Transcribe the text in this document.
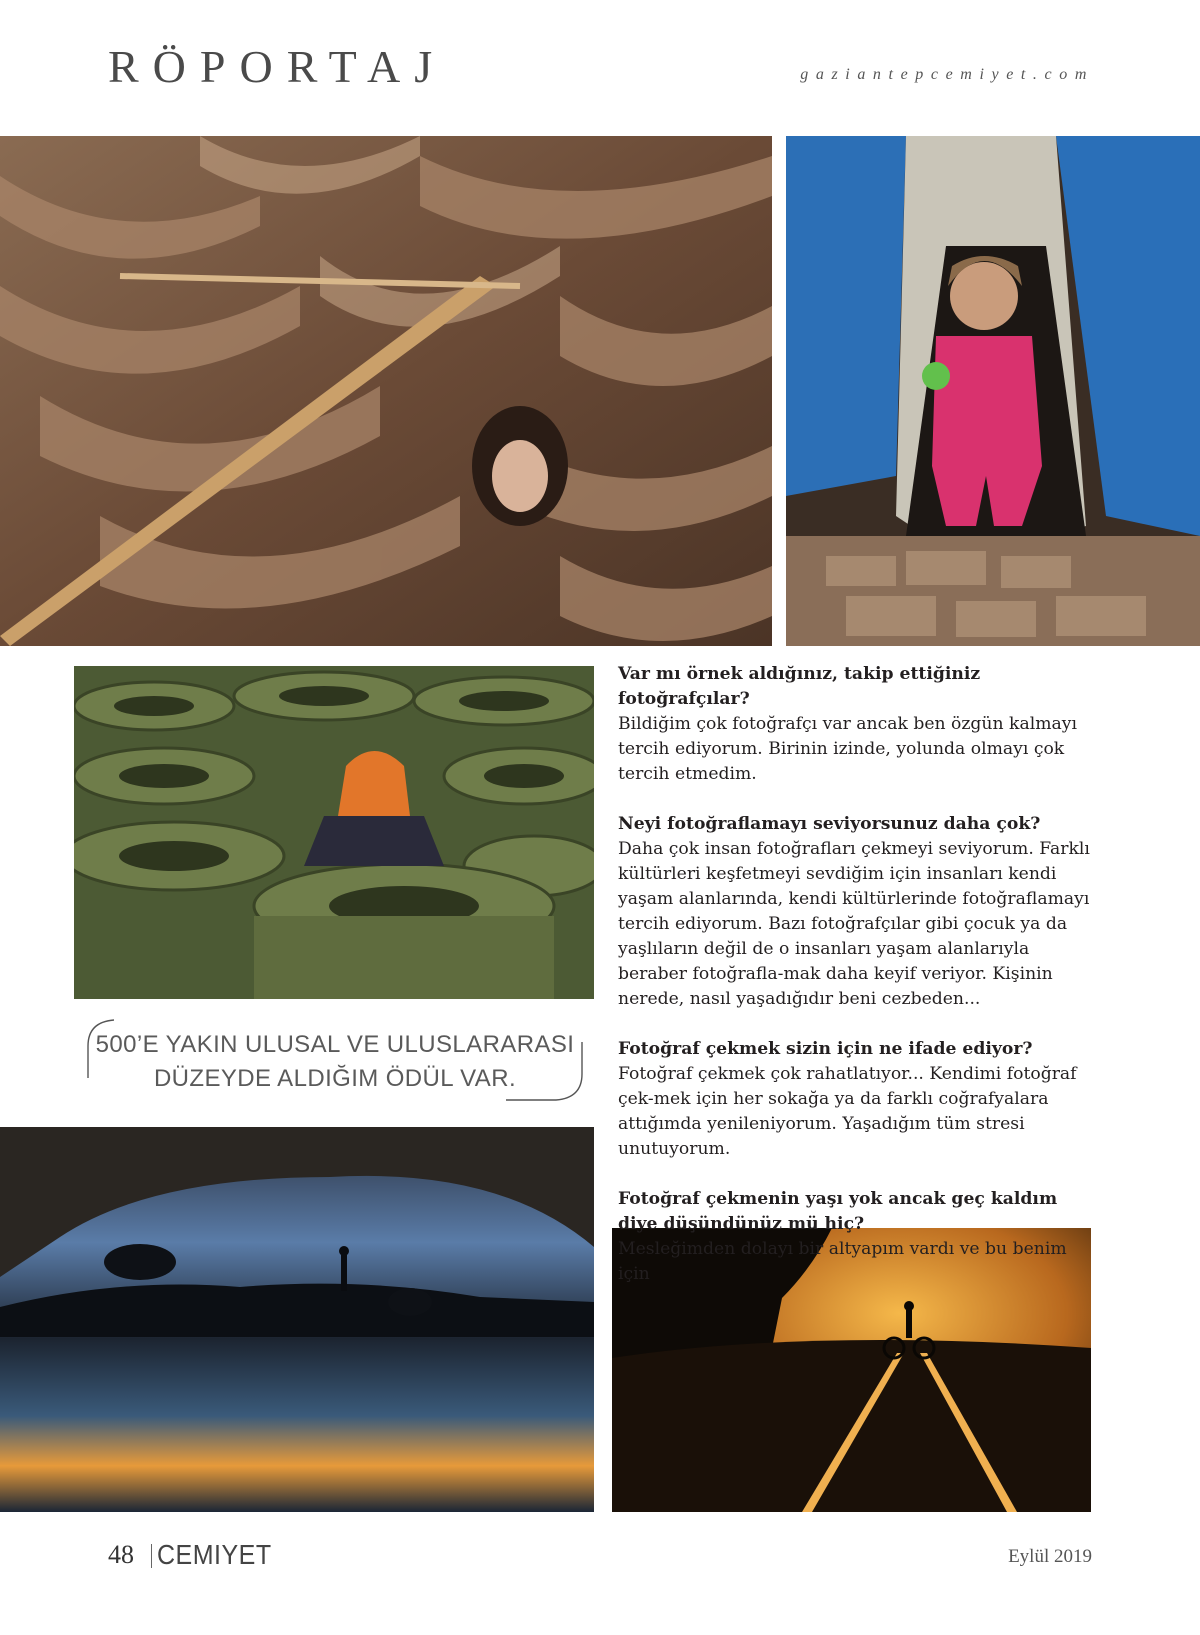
RÖPORTAJ	gaziantepcemiyet.com
500’E YAKIN ULUSAL VE ULUSLARARASI
DÜZEYDE ALDIĞIM ÖDÜL VAR.

Var mı örnek aldığınız, takip ettiğiniz fotoğrafçılar?

Bildiğim çok fotoğrafçı var ancak ben özgün kalmayı tercih ediyorum. Birinin izinde, yolunda olmayı çok tercih etmedim.

Neyi fotoğraflamayı seviyorsunuz daha çok?

Daha çok insan fotoğrafları çekmeyi seviyorum. Farklı kültürleri keşfetmeyi sevdiğim için insanları kendi yaşam alanlarında, kendi kültürlerinde fotoğraflamayı tercih ediyorum. Bazı fotoğrafçılar gibi çocuk ya da yaşlıların değil de o insanları yaşam alanlarıyla beraber fotoğrafla-mak daha keyif veriyor. Kişinin nerede, nasıl yaşadığıdır beni cezbeden...

Fotoğraf çekmek sizin için ne ifade ediyor?

Fotoğraf çekmek çok rahatlatıyor... Kendimi fotoğraf çek-mek için her sokağa ya da farklı coğrafyalara attığımda yenileniyorum. Yaşadığım tüm stresi unutuyorum.

Fotoğraf çekmenin yaşı yok ancak geç kaldım diye düşündünüz mü hiç?

Mesleğimden dolayı bir altyapım vardı ve bu benim için

48 CEMIYET	Eylül 2019
